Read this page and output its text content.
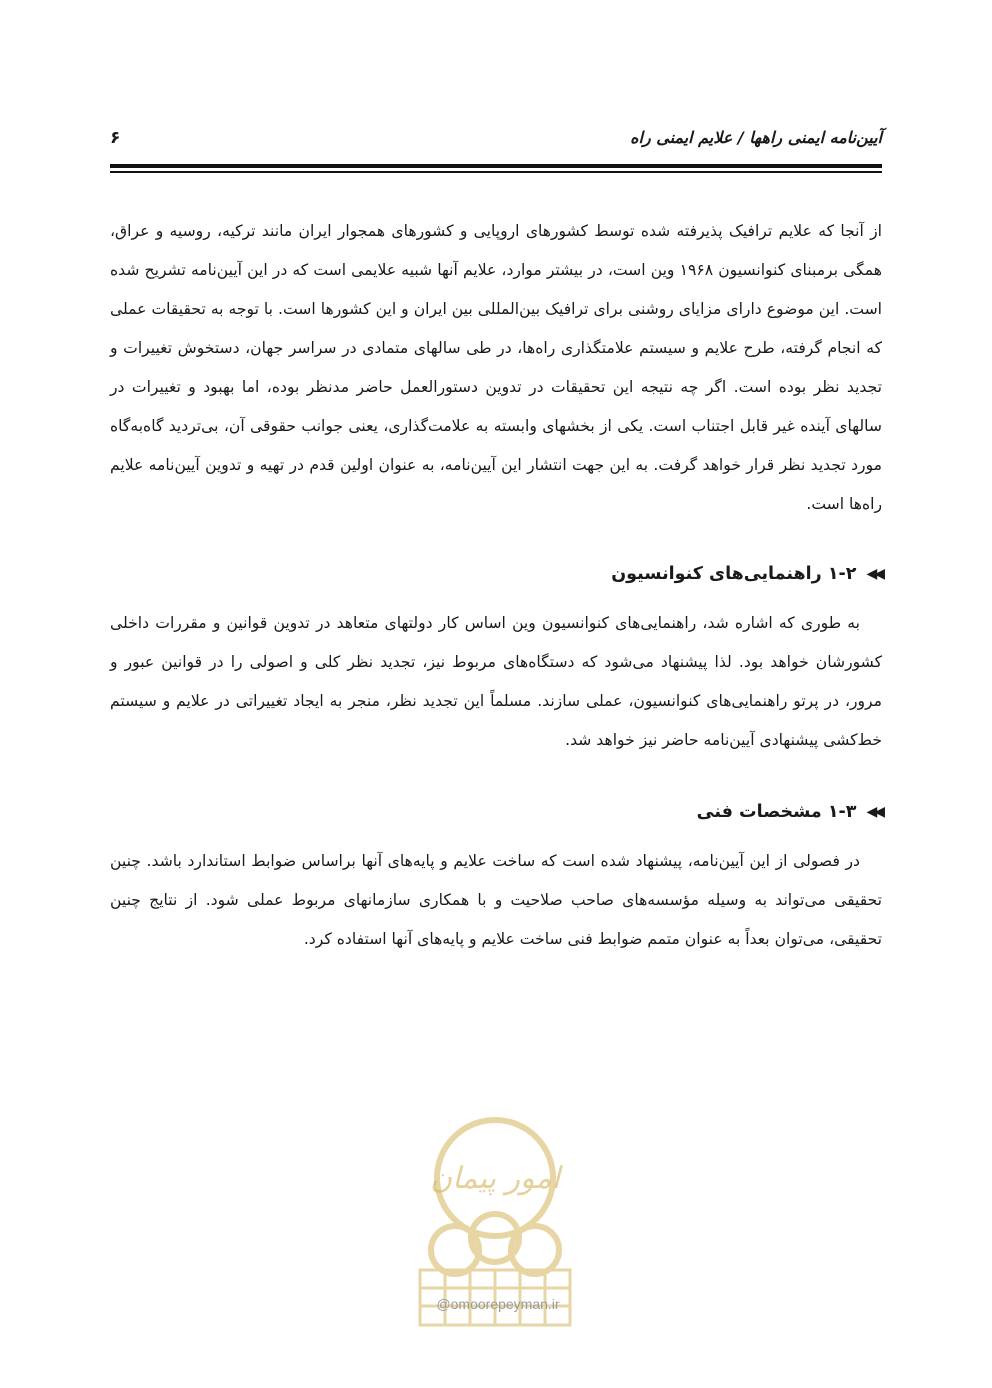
آیین‌نامه ایمنی راهها / علایم ایمنی راه
۶

از آنجا که علایم ترافیک پذیرفته شده توسط کشورهای اروپایی و کشورهای همجوار ایران مانند ترکیه، روسیه و عراق، همگی برمبنای کنوانسیون ۱۹۶۸ وین است، در بیشتر موارد، علایم آنها شبیه علایمی است که در این آیین‌نامه تشریح شده است. این موضوع دارای مزایای روشنی برای ترافیک بین‌المللی بین ایران و این کشورها است. با توجه به تحقیقات عملی که انجام گرفته، طرح علایم و سیستم علامتگذاری راه‌ها، در طی سالهای متمادی در سراسر جهان، دستخوش تغییرات و تجدید نظر بوده است. اگر چه نتیجه این تحقیقات در تدوین دستورالعمل حاضر مدنظر بوده، اما بهبود و تغییرات در سالهای آینده غیر قابل اجتناب است. یکی از بخشهای وابسته به علامت‌گذاری، یعنی جوانب حقوقی آن، بی‌تردید گاه‌به‌گاه مورد تجدید نظر قرار خواهد گرفت. به این جهت انتشار این آیین‌نامه، به عنوان اولین قدم در تهیه و تدوین آیین‌نامه علایم راه‌ها است.

◀◀
۱-۲ راهنمایی‌های کنوانسیون

به طوری که اشاره شد، راهنمایی‌های کنوانسیون وین اساس کار دولتهای متعاهد در تدوین قوانین و مقررات داخلی کشورشان خواهد بود. لذا پیشنهاد می‌شود که دستگاه‌های مربوط نیز، تجدید نظر کلی و اصولی را در قوانین عبور و مرور، در پرتو راهنمایی‌های کنوانسیون، عملی سازند. مسلماً این تجدید نظر، منجر به ایجاد تغییراتی در علایم و سیستم خط‌کشی پیشنهادی آیین‌نامه حاضر نیز خواهد شد.

◀◀
۱-۳ مشخصات فنی

در فصولی از این آیین‌نامه، پیشنهاد شده است که ساخت علایم و پایه‌های آنها براساس ضوابط استاندارد باشد. چنین تحقیقی می‌تواند به وسیله مؤسسه‌های صاحب صلاحیت و با همکاری سازمانهای مربوط عملی شود. از نتایج چنین تحقیقی، می‌توان بعداً به عنوان متمم ضوابط فنی ساخت علایم و پایه‌های آنها استفاده کرد.

امور پیمان
@omoorepeyman.ir
